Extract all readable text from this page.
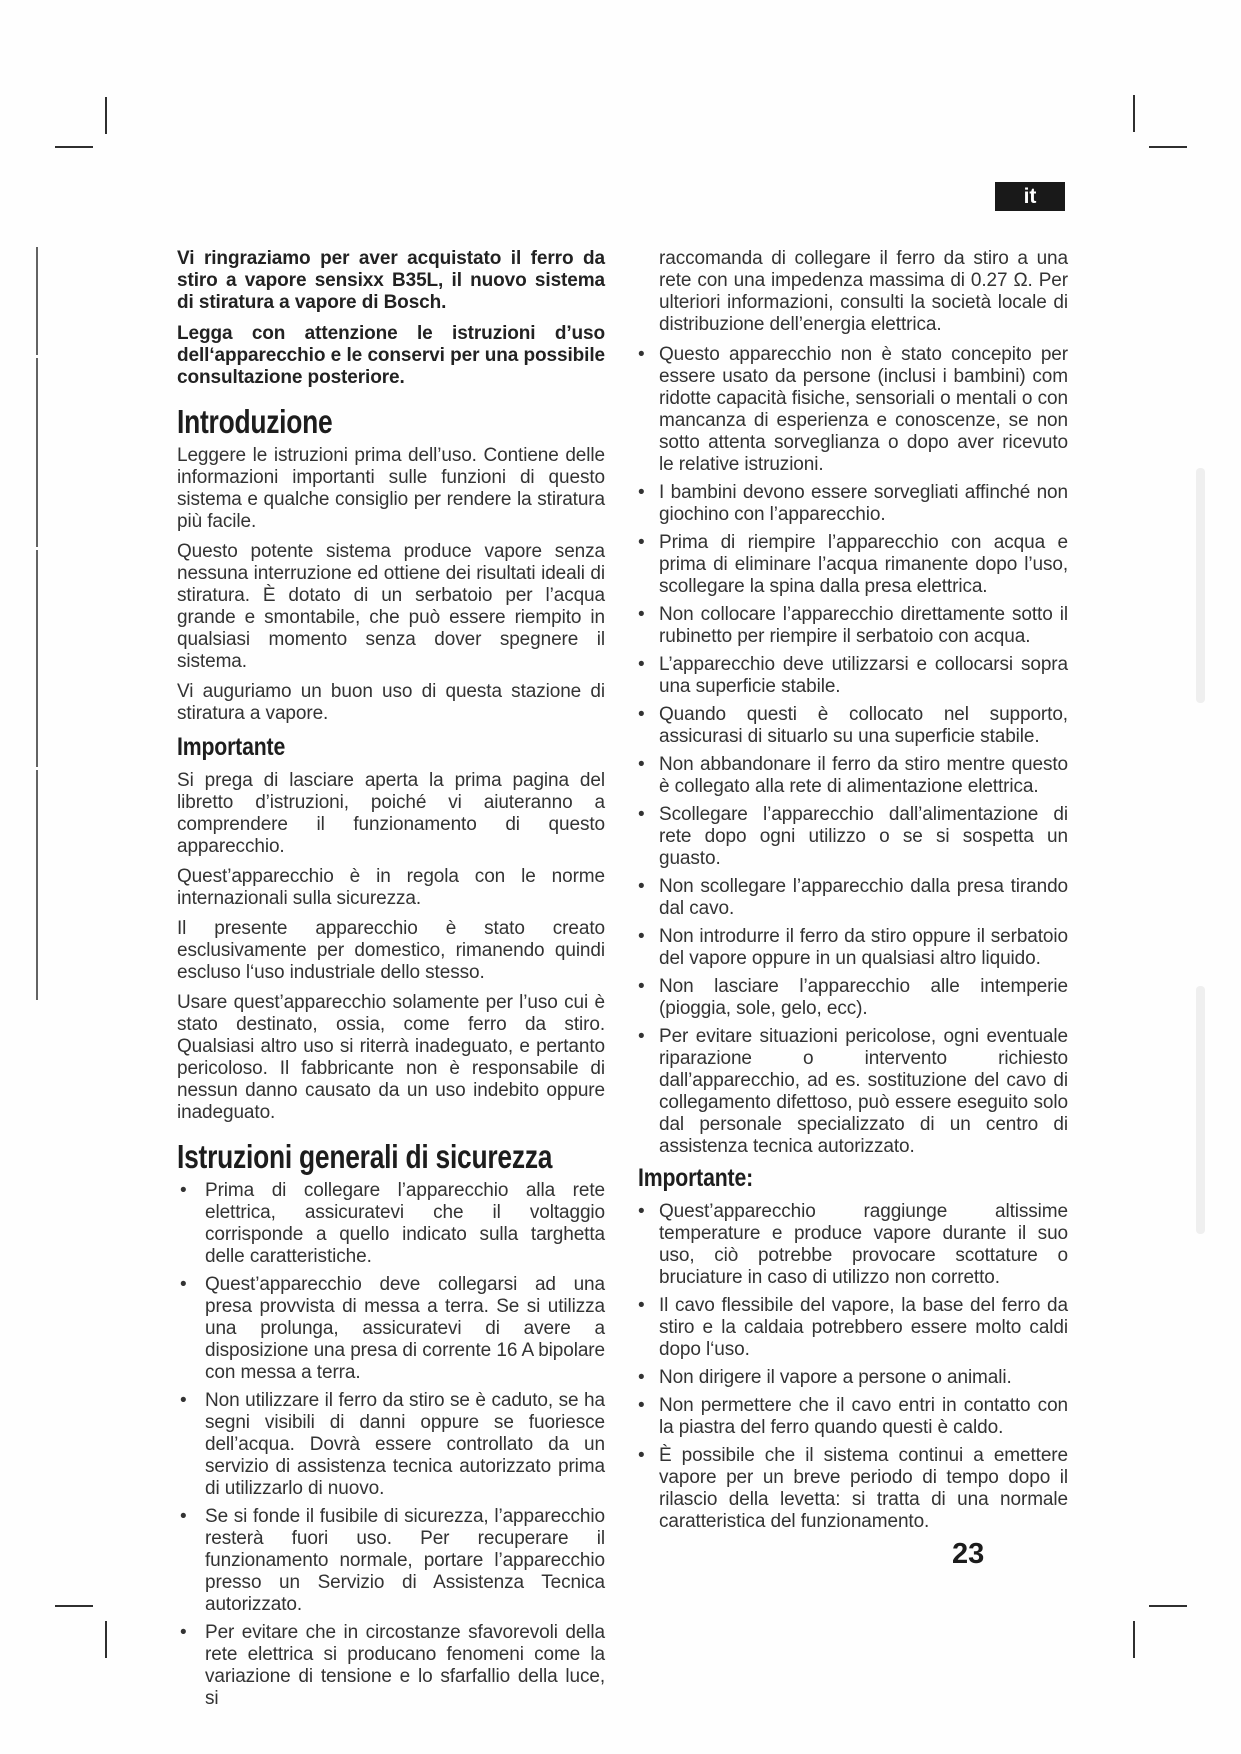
it

Vi ringraziamo per aver acquistato il ferro da stiro a vapore sensixx B35L, il nuovo sistema di stiratura a vapore di Bosch.

Legga con attenzione le istruzioni d’uso dell‘apparecchio e le conservi per una possibile consultazione posteriore.

Introduzione

Leggere le istruzioni prima dell’uso. Contiene delle informazioni importanti sulle funzioni di questo sistema e qualche consiglio per rendere la stiratura più facile.

Questo potente sistema produce vapore senza nessuna interruzione ed ottiene dei risultati ideali di stiratura. È dotato di un serbatoio per l’acqua grande e smontabile, che può essere riempito in qualsiasi momento senza dover spegnere il sistema.

Vi auguriamo un buon uso di questa stazione di stiratura a vapore.

Importante

Si prega di lasciare aperta la prima pagina del libretto d’istruzioni, poiché vi aiuteranno a comprendere il funzionamento di questo apparecchio.

Quest’apparecchio è in regola con le norme internazionali sulla sicurezza.

Il presente apparecchio è stato creato esclusivamente per domestico, rimanendo quindi escluso l‘uso industriale dello stesso.

Usare quest’apparecchio solamente per l’uso cui è stato destinato, ossia, come ferro da stiro. Qualsiasi altro uso si riterrà inadeguato, e pertanto pericoloso. Il fabbricante non è responsabile di nessun danno causato da un uso indebito oppure inadeguato.

Istruzioni generali di sicurezza
• Prima di collegare l’apparecchio alla rete elettrica, assicuratevi che il voltaggio corrisponde a quello indicato sulla targhetta delle caratteristiche.
• Quest’apparecchio deve collegarsi ad una presa provvista di messa a terra. Se si utilizza una prolunga, assicuratevi di avere a disposizione una presa di corrente 16 A bipolare con messa a terra.
• Non utilizzare il ferro da stiro se è caduto, se ha segni visibili di danni oppure se fuoriesce dell’acqua. Dovrà essere controllato da un servizio di assistenza tecnica autorizzato prima di utilizzarlo di nuovo.
• Se si fonde il fusibile di sicurezza, l’apparecchio resterà fuori uso. Per recuperare il funzionamento normale, portare l’apparecchio presso un Servizio di Assistenza Tecnica autorizzato.
• Per evitare che in circostanze sfavorevoli della rete elettrica si producano fenomeni come la variazione di tensione e lo sfarfallio della luce, si

raccomanda di collegare il ferro da stiro a una rete con una impedenza massima di 0.27 Ω. Per ulteriori informazioni, consulti la società locale di distribuzione dell’energia elettrica.

• Questo apparecchio non è stato concepito per essere usato da persone (inclusi i bambini) com ridotte capacità fisiche, sensoriali o mentali o con mancanza di esperienza e conoscenze, se non sotto attenta sorveglianza o dopo aver ricevuto le relative istruzioni.
• I bambini devono essere sorvegliati affinché non giochino con l’apparecchio.
• Prima di riempire l’apparecchio con acqua e prima di eliminare l’acqua rimanente dopo l’uso, scollegare la spina dalla presa elettrica.
• Non collocare l’apparecchio direttamente sotto il rubinetto per riempire il serbatoio con acqua.
• L’apparecchio deve utilizzarsi e collocarsi sopra una superficie stabile.
• Quando questi è collocato nel supporto, assicurasi di situarlo su una superficie stabile.
• Non abbandonare il ferro da stiro mentre questo è collegato alla rete di alimentazione elettrica.
• Scollegare l’apparecchio dall’alimentazione di rete dopo ogni utilizzo o se si sospetta un guasto.
• Non scollegare l’apparecchio dalla presa tirando dal cavo.
• Non introdurre il ferro da stiro oppure il serbatoio del vapore oppure in un qualsiasi altro liquido.
• Non lasciare l’apparecchio alle intemperie (pioggia, sole, gelo, ecc).
• Per evitare situazioni pericolose, ogni eventuale riparazione o intervento richiesto dall’apparecchio, ad es. sostituzione del cavo di collegamento difettoso, può essere eseguito solo dal personale specializzato di un centro di assistenza tecnica autorizzato.
Importante:
• Quest’apparecchio raggiunge altissime temperature e produce vapore durante il suo uso, ciò potrebbe provocare scottature o bruciature in caso di utilizzo non corretto.
• Il cavo flessibile del vapore, la base del ferro da stiro e la caldaia potrebbero essere molto caldi dopo l‘uso.
• Non dirigere il vapore a persone o animali.
• Non permettere che il cavo entri in contatto con la piastra del ferro quando questi è caldo.
• È possibile che il sistema continui a emettere vapore per un breve periodo di tempo dopo il rilascio della levetta: si tratta di una normale caratteristica del funzionamento.
23
